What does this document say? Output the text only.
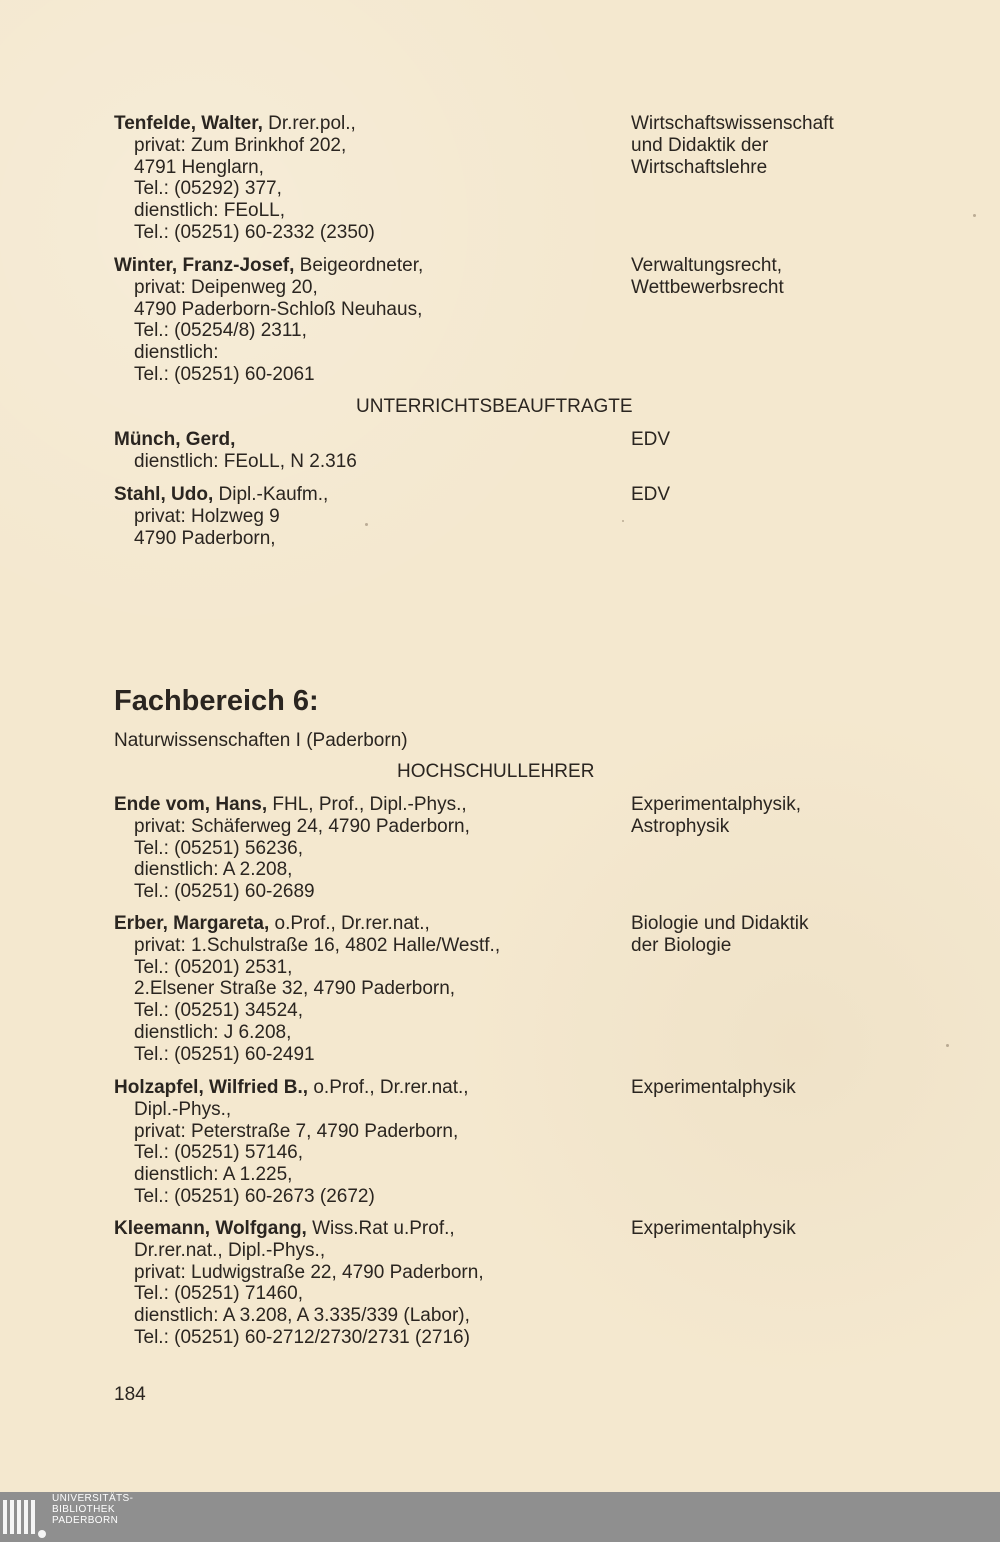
Tenfelde, Walter, Dr.rer.pol.,
privat: Zum Brinkhof 202,
4791 Henglarn,
Tel.: (05292) 377,
dienstlich: FEoLL,
Tel.: (05251) 60-2332 (2350)
Wirtschaftswissenschaft
und Didaktik der
Wirtschaftslehre
Winter, Franz-Josef, Beigeordneter,
privat: Deipenweg 20,
4790 Paderborn-Schloß Neuhaus,
Tel.: (05254/8) 2311,
dienstlich:
Tel.: (05251) 60-2061
Verwaltungsrecht,
Wettbewerbsrecht
UNTERRICHTSBEAUFTRAGTE
Münch, Gerd,
dienstlich: FEoLL, N 2.316
EDV
Stahl, Udo, Dipl.-Kaufm.,
privat: Holzweg 9
4790 Paderborn,
EDV
Fachbereich 6:
Naturwissenschaften I (Paderborn)
HOCHSCHULLEHRER
Ende vom, Hans, FHL, Prof., Dipl.-Phys.,
privat: Schäferweg 24, 4790 Paderborn,
Tel.: (05251) 56236,
dienstlich: A 2.208,
Tel.: (05251) 60-2689
Experimentalphysik,
Astrophysik
Erber, Margareta, o.Prof., Dr.rer.nat.,
privat: 1.Schulstraße 16, 4802 Halle/Westf.,
Tel.: (05201) 2531,
2.Elsener Straße 32, 4790 Paderborn,
Tel.: (05251) 34524,
dienstlich: J 6.208,
Tel.: (05251) 60-2491
Biologie und Didaktik
der Biologie
Holzapfel, Wilfried B., o.Prof., Dr.rer.nat.,
Dipl.-Phys.,
privat: Peterstraße 7, 4790 Paderborn,
Tel.: (05251) 57146,
dienstlich: A 1.225,
Tel.: (05251) 60-2673 (2672)
Experimentalphysik
Kleemann, Wolfgang, Wiss.Rat u.Prof.,
Dr.rer.nat., Dipl.-Phys.,
privat: Ludwigstraße 22, 4790 Paderborn,
Tel.: (05251) 71460,
dienstlich: A 3.208, A 3.335/339 (Labor),
Tel.: (05251) 60-2712/2730/2731 (2716)
Experimentalphysik
184
UNIVERSITÄTS-
BIBLIOTHEK
PADERBORN
